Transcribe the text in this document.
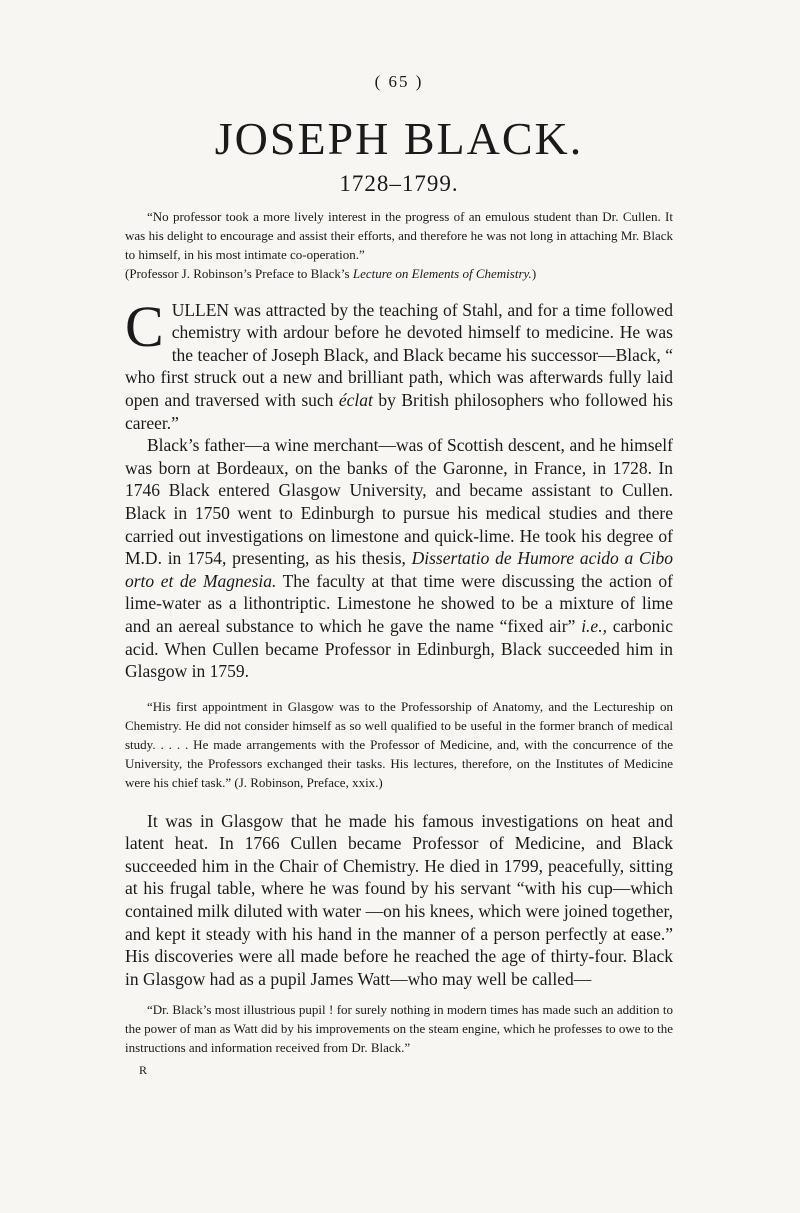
( 65 )
JOSEPH BLACK.
1728–1799.

“No professor took a more lively interest in the progress of an emulous student than Dr. Cullen. It was his delight to encourage and assist their efforts, and therefore he was not long in attaching Mr. Black to himself, in his most intimate co-operation.”
(Professor J. Robinson’s Preface to Black’s Lecture on Elements of Chemistry.)

CULLEN was attracted by the teaching of Stahl, and for a time followed chemistry with ardour before he devoted himself to medicine. He was the teacher of Joseph Black, and Black became his successor—Black, “ who first struck out a new and brilliant path, which was afterwards fully laid open and traversed with such éclat by British philosophers who followed his career.”

Black’s father—a wine merchant—was of Scottish descent, and he himself was born at Bordeaux, on the banks of the Garonne, in France, in 1728. In 1746 Black entered Glasgow University, and became assistant to Cullen. Black in 1750 went to Edinburgh to pursue his medical studies and there carried out investigations on limestone and quick-lime. He took his degree of M.D. in 1754, presenting, as his thesis, Dissertatio de Humore acido a Cibo orto et de Magnesia. The faculty at that time were discussing the action of lime-water as a lithontriptic. Limestone he showed to be a mixture of lime and an aereal substance to which he gave the name “fixed air” i.e., carbonic acid. When Cullen became Professor in Edinburgh, Black succeeded him in Glasgow in 1759.

“His first appointment in Glasgow was to the Professorship of Anatomy, and the Lectureship on Chemistry. He did not consider himself as so well qualified to be useful in the former branch of medical study. . . . . He made arrangements with the Professor of Medicine, and, with the concurrence of the University, the Professors exchanged their tasks. His lectures, therefore, on the Institutes of Medicine were his chief task.” (J. Robinson, Preface, xxix.)

It was in Glasgow that he made his famous investigations on heat and latent heat. In 1766 Cullen became Professor of Medicine, and Black succeeded him in the Chair of Chemistry. He died in 1799, peacefully, sitting at his frugal table, where he was found by his servant “with his cup—which contained milk diluted with water —on his knees, which were joined together, and kept it steady with his hand in the manner of a person perfectly at ease.” His discoveries were all made before he reached the age of thirty-four. Black in Glasgow had as a pupil James Watt—who may well be called—

“Dr. Black’s most illustrious pupil ! for surely nothing in modern times has made such an addition to the power of man as Watt did by his improvements on the steam engine, which he professes to owe to the instructions and information received from Dr. Black.”

R
